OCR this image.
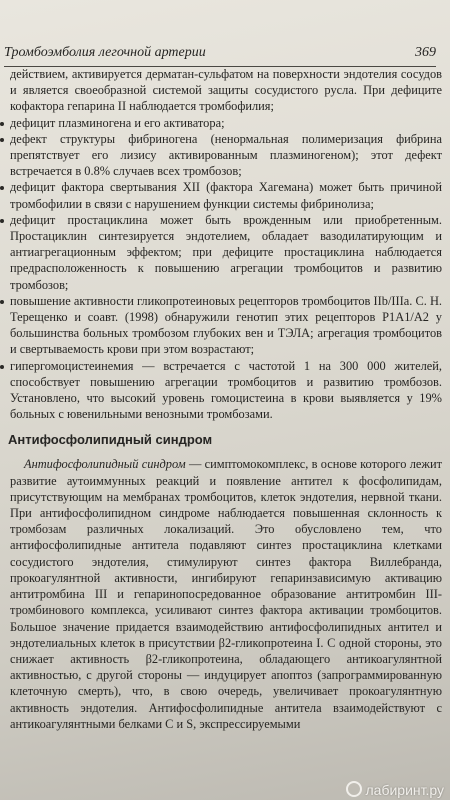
Тромбоэмболия легочной артерии	369

действием, активируется дерматан-сульфатом на поверхности эндотелия сосудов и является своеобразной системой защиты сосудистого русла. При дефиците кофактора гепарина II наблюдается тромбофилия;

дефицит плазминогена и его активатора;
дефект структуры фибриногена (ненормальная полимеризация фибрина препятствует его лизису активированным плазминогеном); этот дефект встречается в 0.8% случаев всех тромбозов;
дефицит фактора свертывания XII (фактора Хагемана) может быть причиной тромбофилии в связи с нарушением функции системы фибринолиза;
дефицит простациклина может быть врожденным или приобретенным. Простациклин синтезируется эндотелием, обладает вазодилатирующим и антиагрегационным эффектом; при дефиците простациклина наблюдается предрасположенность к повышению агрегации тромбоцитов и развитию тромбозов;
повышение активности гликопротеиновых рецепторов тромбоцитов IIb/IIIa. С. Н. Терещенко и соавт. (1998) обнаружили генотип этих рецепторов P1A1/A2 у большинства больных тромбозом глубоких вен и ТЭЛА; агрегация тромбоцитов и свертываемость крови при этом возрастают;
гипергомоцистеинемия — встречается с частотой 1 на 300 000 жителей, способствует повышению агрегации тромбоцитов и развитию тромбозов. Установлено, что высокий уровень гомоцистеина в крови выявляется у 19% больных с ювенильными венозными тромбозами.
Антифосфолипидный синдром

Антифосфолипидный синдром — симптомокомплекс, в основе которого лежит развитие аутоиммунных реакций и появление антител к фосфолипидам, присутствующим на мембранах тромбоцитов, клеток эндотелия, нервной ткани. При антифосфолипидном синдроме наблюдается повышенная склонность к тромбозам различных локализаций. Это обусловлено тем, что антифосфолипидные антитела подавляют синтез простациклина клетками сосудистого эндотелия, стимулируют синтез фактора Виллебранда, прокоагулянтной активности, ингибируют гепаринзависимую активацию антитромбина III и гепаринопосредованное образование антитромбин III-тромбинового комплекса, усиливают синтез фактора активации тромбоцитов. Большое значение придается взаимодействию антифосфолипидных антител и эндотелиальных клеток в присутствии β2-гликопротеина I. С одной стороны, это снижает активность β2-гликопротеина, обладающего антикоагулянтной активностью, с другой стороны — индуцирует апоптоз (запрограммированную клеточную смерть), что, в свою очередь, увеличивает прокоагулянтную активность эндотелия. Антифосфолипидные антитела взаимодействуют с антикоагулянтными белками С и S, экспрессируемыми

лабиринт.ру
